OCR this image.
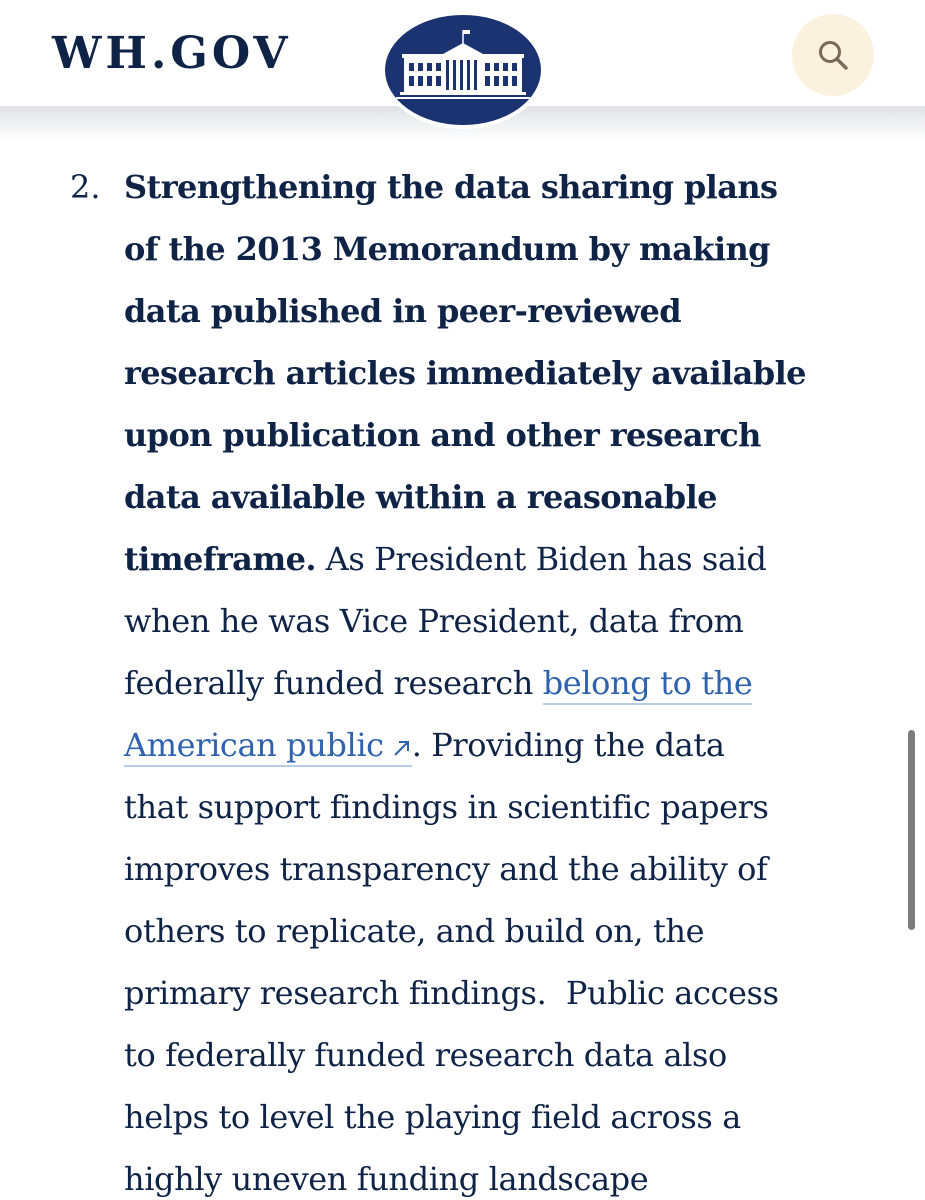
WH.GOV
2. Strengthening the data sharing plans
of the 2013 Memorandum by making
data published in peer-reviewed
research articles immediately available
upon publication and other research
data available within a reasonable
timeframe. As President Biden has said
when he was Vice President, data from
federally funded research belong to the
American public . Providing the data
that support findings in scientific papers
improves transparency and the ability of
others to replicate, and build on, the
primary research findings.  Public access
to federally funded research data also
helps to level the playing field across a
highly uneven funding landscape
